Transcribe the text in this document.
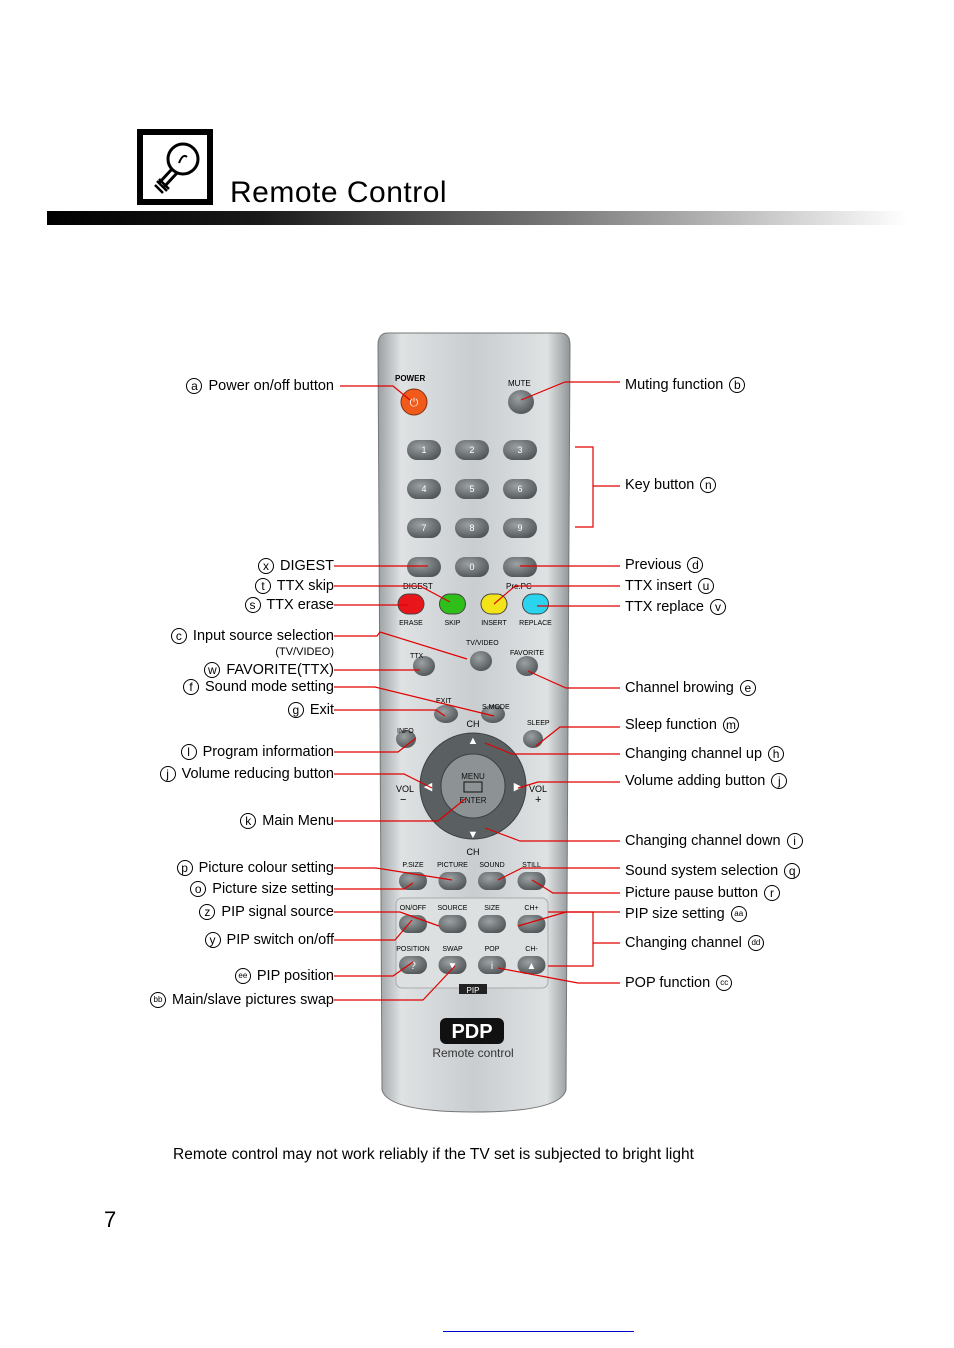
Remote Control
POWER
MUTE
⏻
1	2	3
4	5	6
7	8	9
0
DIGEST	Pre.PC
ERASE	SKIP	INSERT REPLACE
TV/VIDEO
TTX	FAVORITE
EXIT
S.MODE
INFO
SLEEP
CH
▲
▼
CH
◀	▶
VOL
−
VOL
+
MENU
ENTER
P.SIZE PICTURE SOUND	STILL
ON/OFF SOURCE SIZE	CH+
POSITION
?
SWAP
▼
POP
i
CH-
▲
PIP
PDP
Remote control
a Power on/off button
x DIGEST
t TTX skip
s TTX erase
c Input source selection
(TV/VIDEO)
w FAVORITE(TTX)
f Sound mode setting
g Exit
l Program information
j Volume reducing button
k Main Menu
p Picture colour setting
o Picture size setting
z PIP signal source
y PIP switch on/off
ee PIP position
bb Main/slave pictures swap
Muting function b
Key button n
Previous d
TTX insert u
TTX replace v
Channel browing e
Sleep function m
Changing channel up h
Volume adding button j
Changing channel down i
Sound system selection q
Picture pause button r
PIP size setting aa
Changing channel dd
POP function cc
Remote control may not work reliably if the TV set is subjected to bright light
7
